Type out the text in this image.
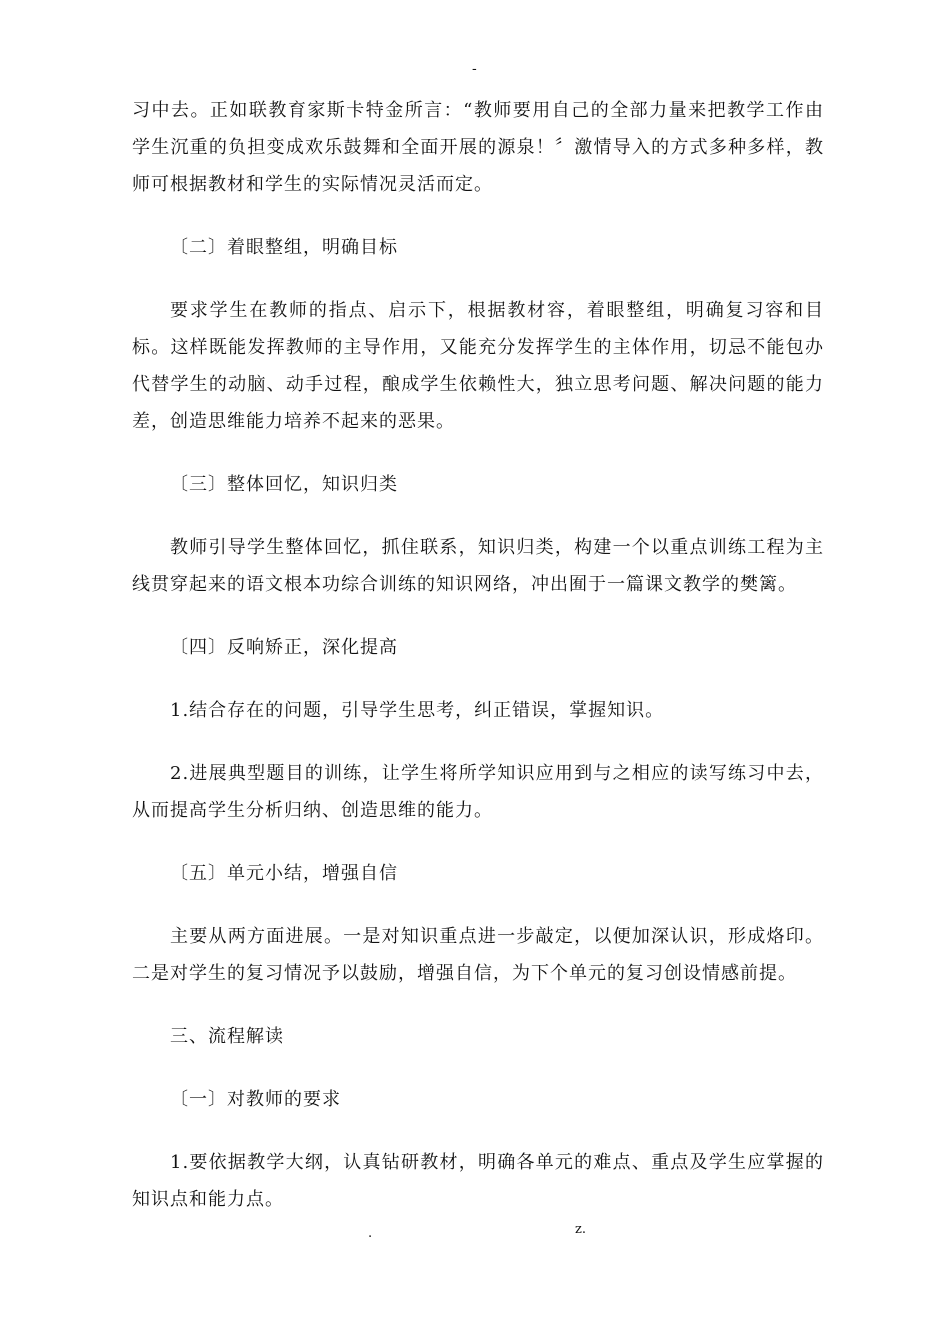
-

习中去。正如联教育家斯卡特金所言：“教师要用自己的全部力量来把教学工作由学生沉重的负担变成欢乐鼓舞和全面开展的源泉！〞激情导入的方式多种多样，教师可根据教材和学生的实际情况灵活而定。

〔二〕着眼整组，明确目标

要求学生在教师的指点、启示下，根据教材容，着眼整组，明确复习容和目标。这样既能发挥教师的主导作用，又能充分发挥学生的主体作用，切忌不能包办代替学生的动脑、动手过程，酿成学生依赖性大，独立思考问题、解决问题的能力差，创造思维能力培养不起来的恶果。

〔三〕整体回忆，知识归类

教师引导学生整体回忆，抓住联系，知识归类，构建一个以重点训练工程为主线贯穿起来的语文根本功综合训练的知识网络，冲出囿于一篇课文教学的樊篱。

〔四〕反响矫正，深化提高

1.结合存在的问题，引导学生思考，纠正错误，掌握知识。

2.进展典型题目的训练，让学生将所学知识应用到与之相应的读写练习中去，从而提高学生分析归纳、创造思维的能力。

〔五〕单元小结，增强自信

主要从两方面进展。一是对知识重点进一步敲定，以便加深认识，形成烙印。二是对学生的复习情况予以鼓励，增强自信，为下个单元的复习创设情感前提。

三、流程解读

〔一〕对教师的要求

1.要依据教学大纲，认真钻研教材，明确各单元的难点、重点及学生应掌握的知识点和能力点。

.	z.
